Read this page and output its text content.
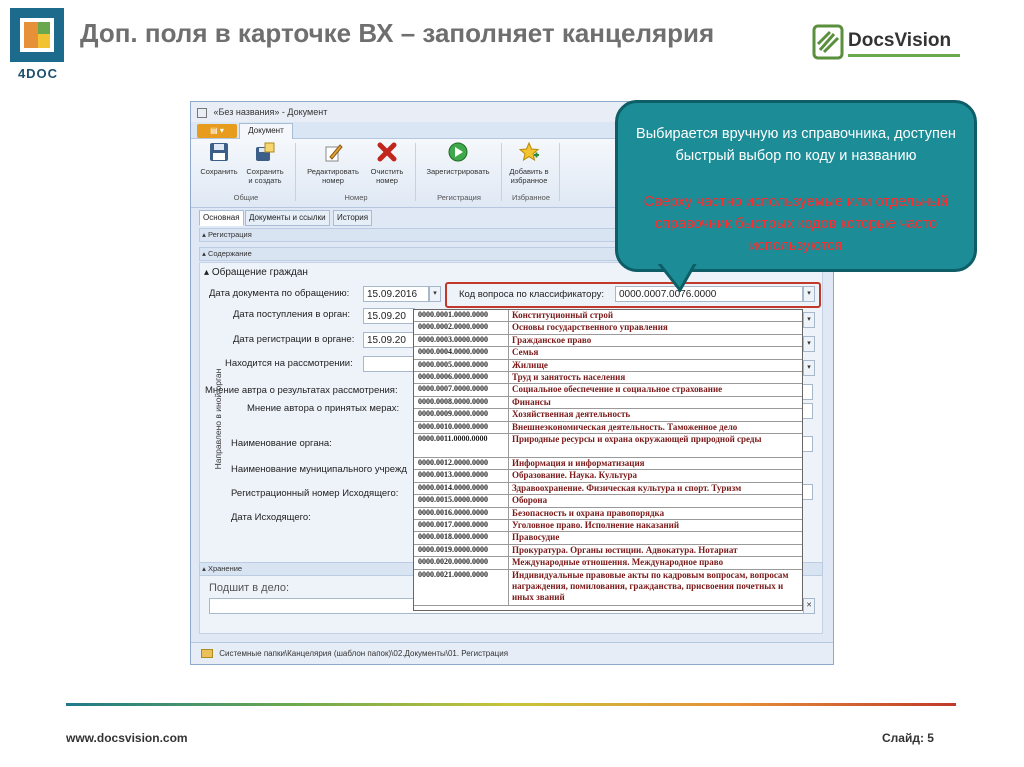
4DOC
Доп. поля в карточке ВХ – заполняет канцелярия	DocsVision
«Без названия» - Документ
▤ ▾	Документ
Сохранить	Сохранить
и создать
Редактировать
номер
Очистить
номер
Зарегистрировать	Добавить в
избранное
Общие	Номер	Регистрация	Избранное
Основная	Документы и ссылки	История
▴ Регистрация
▴ Содержание
▴ Обращение граждан
Дата документа по обращению:	15.09.2016	▾
Дата поступления в орган:	15.09.20
Дата регистрации в органе:	15.09.20
Находится на рассмотрении:
Мнение автра о результатах рассмотрения:
Мнение автора о принятых мерах:
Направлено в иной орган Наименование органа:
Наименование муниципального учрежд
Регистрационный номер Исходящего:
Дата Исходящего:
▾
▾
▾
▴ Хранение
Подшит в дело:
✕
Код вопроса по классификатору:	0000.0007.0076.0000	▾
0000.0001.0000.0000	Конституционный строй
0000.0002.0000.0000	Основы государственного управления
0000.0003.0000.0000	Гражданское право
0000.0004.0000.0000	Семья
0000.0005.0000.0000	Жилище
0000.0006.0000.0000	Труд и занятость населения
0000.0007.0000.0000	Социальное обеспечение и социальное страхование
0000.0008.0000.0000	Финансы
0000.0009.0000.0000	Хозяйственная деятельность
0000.0010.0000.0000	Внешнеэкономическая деятельность. Таможенное дело
0000.0011.0000.0000	Природные ресурсы и охрана окружающей природной среды
0000.0012.0000.0000	Информация и информатизация
0000.0013.0000.0000	Образование. Наука. Культура
0000.0014.0000.0000	Здравоохранение. Физическая культура и спорт. Туризм
0000.0015.0000.0000	Оборона
0000.0016.0000.0000	Безопасность и охрана правопорядка
0000.0017.0000.0000	Уголовное право. Исполнение наказаний
0000.0018.0000.0000	Правосудие
0000.0019.0000.0000	Прокуратура. Органы юстиции. Адвокатура. Нотариат
0000.0020.0000.0000	Международные отношения. Международное право
0000.0021.0000.0000	Индивидуальные правовые акты по кадровым вопросам, вопросам награждения, помилования, гражданства, присвоения почетных и иных званий
Системные папки\Канцелярия (шаблон папок)\02.Документы\01. Регистрация
Выбирается вручную из справочника, доступен быстрый выбор по коду и названию
Сверху частно используемые или отдельный справочник быстрых кодов которые часто используются
www.docsvision.com	Слайд: 5
